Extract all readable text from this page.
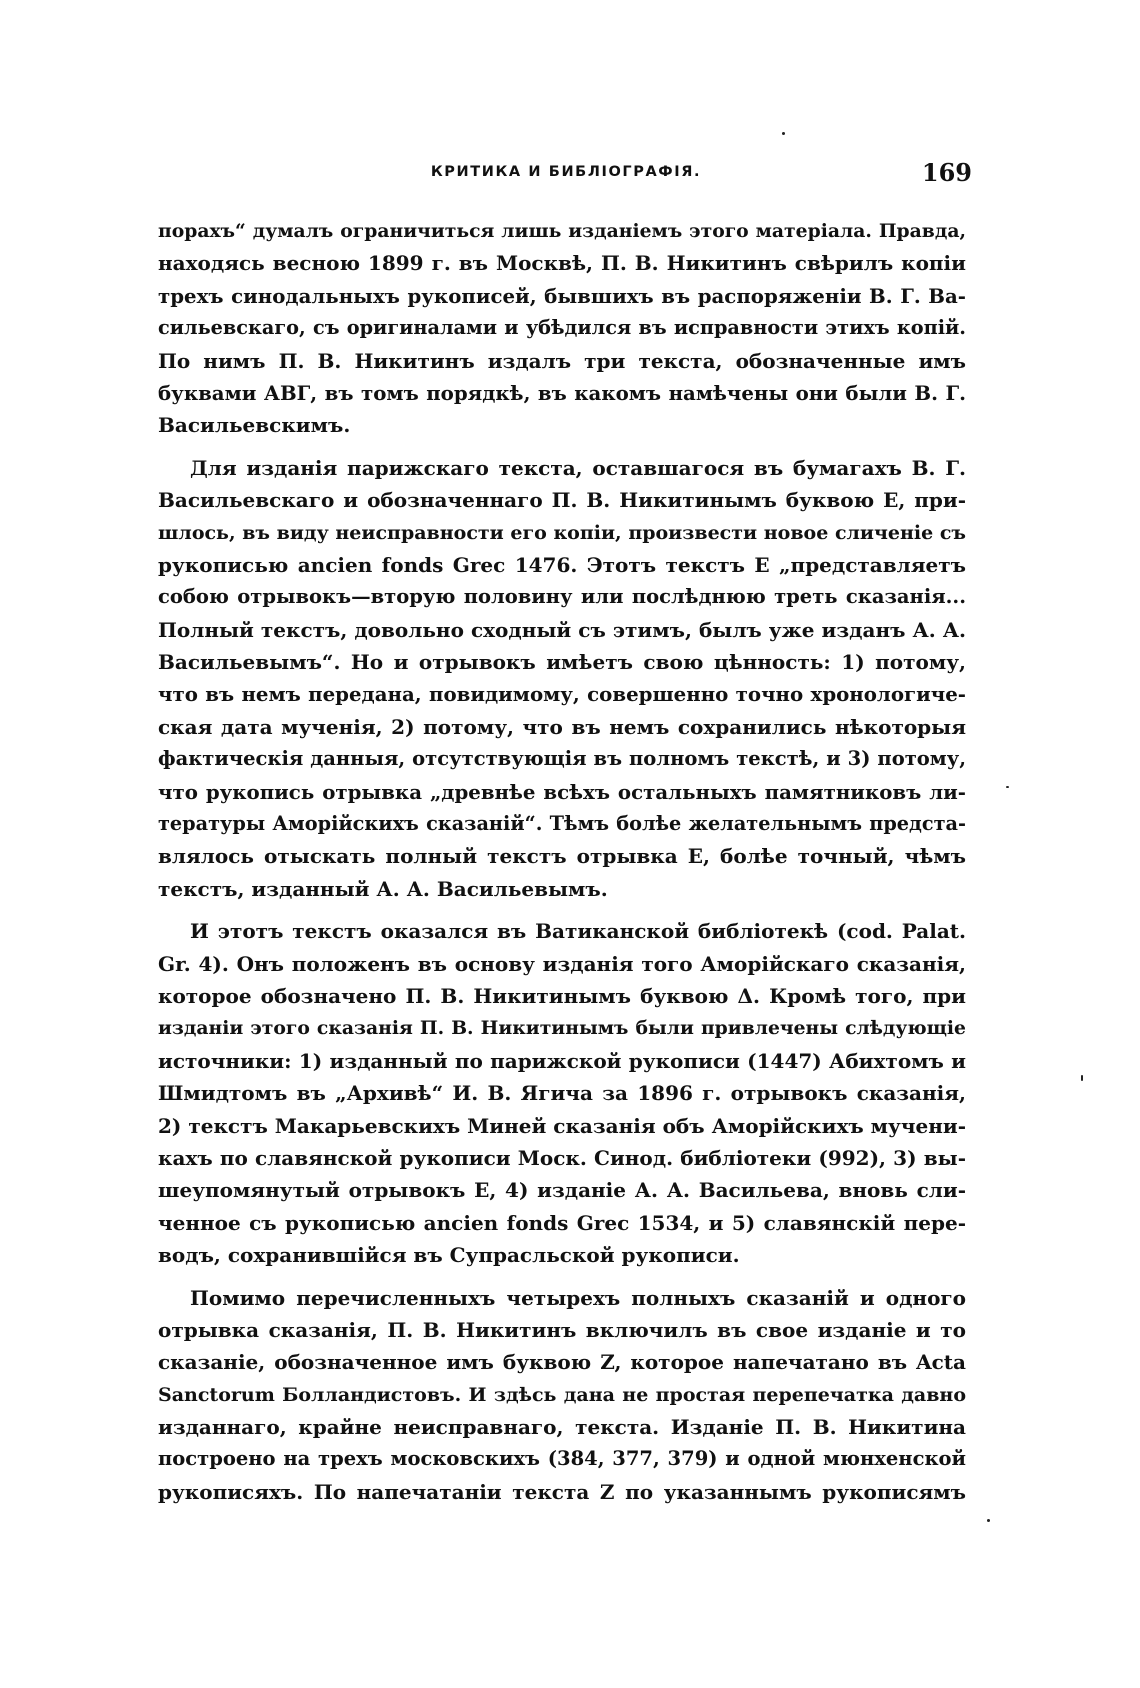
КРИТИКА И БИБЛІОГРАФІЯ.	169
порахъ“ думалъ ограничиться лишь изданіемъ этого матеріала. Правда,
находясь весною 1899 г. въ Москвѣ, П. В. Никитинъ свѣрилъ копіи
трехъ синодальныхъ рукописей, бывшихъ въ распоряженіи В. Г. Ва-
сильевскаго, съ оригиналами и убѣдился въ исправности этихъ копій.
По нимъ П. В. Никитинъ издалъ три текста, обозначенные имъ
буквами АВГ, въ томъ порядкѣ, въ какомъ намѣчены они были В. Г.
Васильевскимъ.
Для изданія парижскаго текста, оставшагося въ бумагахъ В. Г.
Васильевскаго и обозначеннаго П. В. Никитинымъ буквою Е, при-
шлось, въ виду неисправности его копіи, произвести новое сличеніе съ
рукописью ancien fonds Grec 1476. Этотъ текстъ Е „представляетъ
собою отрывокъ—вторую половину или послѣднюю треть сказанія...
Полный текстъ, довольно сходный съ этимъ, былъ уже изданъ А. А.
Васильевымъ“. Но и отрывокъ имѣетъ свою цѣнность: 1) потому,
что въ немъ передана, повидимому, совершенно точно хронологиче-
ская дата мученія, 2) потому, что въ немъ сохранились нѣкоторыя
фактическія данныя, отсутствующія въ полномъ текстѣ, и 3) потому,
что рукопись отрывка „древнѣе всѣхъ остальныхъ памятниковъ ли-
тературы Аморійскихъ сказаній“. Тѣмъ болѣе желательнымъ предста-
влялось отыскать полный текстъ отрывка Е, болѣе точный, чѣмъ
текстъ, изданный А. А. Васильевымъ.
И этотъ текстъ оказался въ Ватиканской библіотекѣ (cod. Palat.
Gr. 4). Онъ положенъ въ основу изданія того Аморійскаго сказанія,
которое обозначено П. В. Никитинымъ буквою Δ. Кромѣ того, при
изданіи этого сказанія П. В. Никитинымъ были привлечены слѣдующіе
источники: 1) изданный по парижской рукописи (1447) Абихтомъ и
Шмидтомъ въ „Архивѣ“ И. В. Ягича за 1896 г. отрывокъ сказанія,
2) текстъ Макарьевскихъ Миней сказанія объ Аморійскихъ мучени-
кахъ по славянской рукописи Моск. Синод. библіотеки (992), 3) вы-
шеупомянутый отрывокъ Е, 4) изданіе А. А. Васильева, вновь сли-
ченное съ рукописью ancien fonds Grec 1534, и 5) славянскій пере-
водъ, сохранившійся въ Супрасльской рукописи.
Помимо перечисленныхъ четырехъ полныхъ сказаній и одного
отрывка сказанія, П. В. Никитинъ включилъ въ свое изданіе и то
сказаніе, обозначенное имъ буквою Z, которое напечатано въ Acta
Sanctorum Болландистовъ. И здѣсь дана не простая перепечатка давно
изданнаго, крайне неисправнаго, текста. Изданіе П. В. Никитина
построено на трехъ московскихъ (384, 377, 379) и одной мюнхенской
рукописяхъ. По напечатаніи текста Z по указаннымъ рукописямъ
